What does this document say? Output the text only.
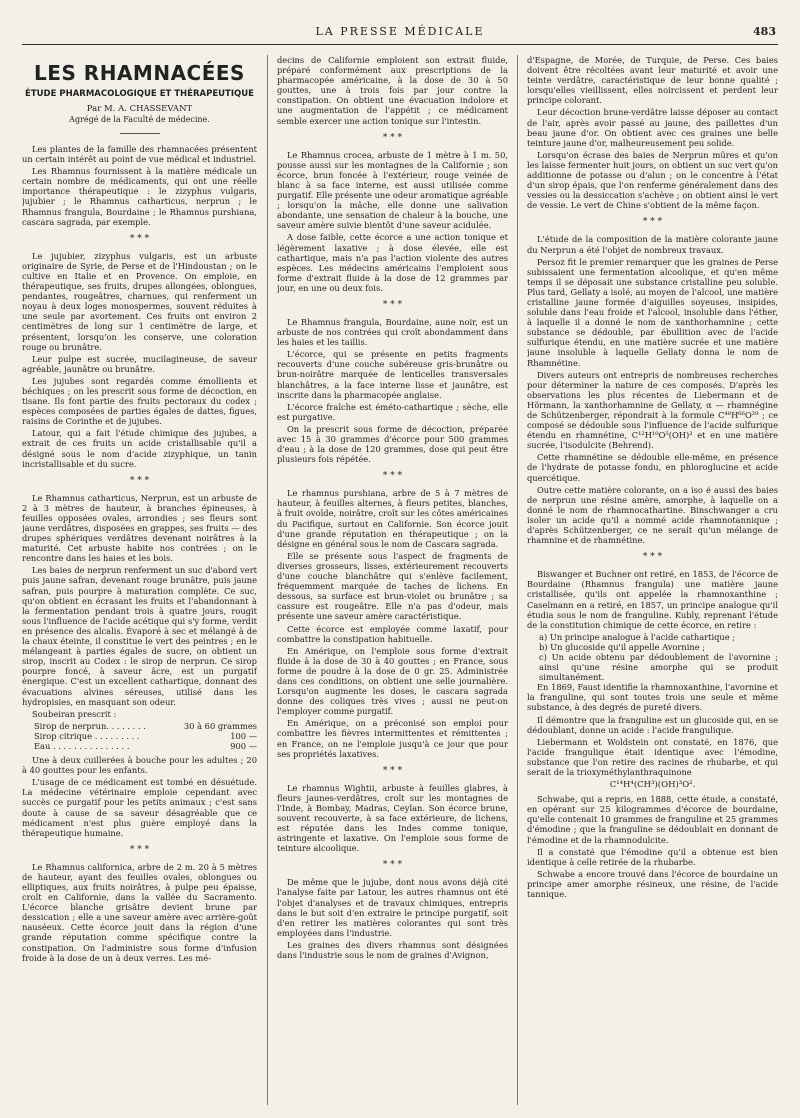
LA PRESSE MÉDICALE	483
LES RHAMNACÉES
ÉTUDE PHARMACOLOGIQUE ET THÉRAPEUTIQUE
Par M. A. CHASSEVANT
Agrégé de la Faculté de médecine.

Les plantes de la famille des rhamnacées présentent un certain intérêt au point de vue médical et industriel.

Les Rhamnus fournissent à la matière médicale un certain nombre de médicaments, qui ont une réelle importance thérapeutique : le zizyphus vulgaris, jujubier ; le Rhamnus catharticus, nerprun ; le Rhamnus frangula, Bourdaine ; le Rhamnus purshiana, cascara sagrada, par exemple.

* * *

Le jujubier, zizyphus vulgaris, est un arbuste originaire de Syrie, de Perse et de l'Hindoustan ; on le cultive en Italie et en Provence. On emploie, en thérapeutique, ses fruits, drupes allongées, oblongues, pendantes, rougeâtres, charnues, qui renferment un noyau à deux loges monospermes, souvent réduites à une seule par avortement. Ces fruits ont environ 2 centimètres de long sur 1 centimètre de large, et présentent, lorsqu'on les conserve, une coloration rouge ou brunâtre.

Leur pulpe est sucrée, mucilagineuse, de saveur agréable, jaunâtre ou brunâtre.

Les jujubes sont regardés comme émollients et béchiques ; on les prescrit sous forme de décoction, en tisane. Ils font partie des fruits pectoraux du codex ; espèces composées de parties égales de dattes, figues, raisins de Corinthe et de jujubes.

Latour, qui a fait l'étude chimique des jujubes, a extrait de ces fruits un acide cristallisable qu'il a désigné sous le nom d'acide zizyphique, un tanin incristallisable et du sucre.

* * *

Le Rhamnus catharticus, Nerprun, est un arbuste de 2 à 3 mètres de hauteur, à branches épineuses, à feuilles opposées ovales, arrondies ; ses fleurs sont jaune verdâtres, disposées en grappes, ses fruits — des drupes sphériques verdâtres devenant noirâtres à la maturité. Cet arbuste habite nos contrées ; on le rencontre dans les haies et les bois.

Les baies de nerprun renferment un suc d'abord vert puis jaune safran, devenant rouge brunâtre, puis jaune safran, puis pourpre à maturation complète. Ce suc, qu'on obtient en écrasant les fruits et l'abandonnant à la fermentation pendant trois à quatre jours, rougit sous l'influence de l'acide acétique qui s'y forme, verdit en présence des alcalis. Évaporé à sec et mélangé à de la chaux éteinte, il constitue le vert des peintres ; en le mélangeant à parties égales de sucre, on obtient un sirop, inscrit au Codex : le sirop de nerprun. Ce sirop pourpre foncé, à saveur âcre, est un purgatif énergique. C'est un excellent cathartique, donnant des évacuations alvines séreuses, utilisé dans les hydropisies, en masquant son odeur.

Soubeiran prescrit :

Sirop de nerprun. . . . . . . .	30 à 60 grammes
Sirop citrique . . . . . . . . .	100 —
Eau . . . . . . . . . . . . . . .	900 —

Une à deux cuillerées à bouche pour les adultes ; 20 à 40 gouttes pour les enfants.

L'usage de ce médicament est tombé en désuétude. La médecine vétérinaire emploie cependant avec succès ce purgatif pour les petits animaux ; c'est sans doute à cause de sa saveur désagréable que ce médicament n'est plus guère employé dans la thérapeutique humaine.

* * *

Le Rhamnus californica, arbre de 2 m. 20 à 5 mètres de hauteur, ayant des feuilles ovales, oblongues ou elliptiques, aux fruits noirâtres, à pulpe peu épaisse, croît en Californie, dans la vallée du Sacramento. L'écorce blanche grisâtre devient brune par dessication ; elle a une saveur amère avec arrière-goût nauséeux. Cette écorce jouit dans la région d'une grande réputation comme spécifique contre la constipation. On l'administre sous forme d'infusion froide à la dose de un à deux verres. Les mé-

decins de Californie emploient son extrait fluide, préparé conformément aux prescriptions de la pharmacopée américaine, à la dose de 30 à 50 gouttes, une à trois fois par jour contre la constipation. On obtient une évacuation indolore et une augmentation de l'appétit ; ce médicament semble exercer une action tonique sur l'intestin.

* * *

Le Rhamnus crocea, arbuste de 1 mètre à 1 m. 50, pousse aussi sur les montagnes de la Californie ; son écorce, brun foncée à l'extérieur, rouge veinée de blanc à sa face interne, est aussi utilisée comme purgatif. Elle présente une odeur aromatique agréable ; lorsqu'on la mâche, elle donne une salivation abondante, une sensation de chaleur à la bouche, une saveur amère suivie bientôt d'une saveur acidulée.

A dose faible, cette écorce a une action tonique et légèrement laxative ; à dose élevée, elle est cathartique, mais n'a pas l'action violente des autres espèces. Les médecins américains l'emploient sous forme d'extrait fluide à la dose de 12 grammes par jour, en une ou deux fois.

* * *

Le Rhamnus frangula, Bourdaine, aune noir, est un arbuste de nos contrées qui croît abondamment dans les haies et les taillis.

L'écorce, qui se présente en petits fragments recouverts d'une couche subéreuse gris-brunâtre ou brun-noirâtre marquée de lenticelles transversales blanchâtres, a la face interne lisse et jaunâtre, est inscrite dans la pharmacopée anglaise.

L'écorce fraîche est éméto-cathartique ; sèche, elle est purgative.

On la prescrit sous forme de décoction, préparée avec 15 à 30 grammes d'écorce pour 500 grammes d'eau ; à la dose de 120 grammes, dose qui peut être plusieurs fois répétée.

* * *

Le rhamnus purshiana, arbre de 5 à 7 mètres de hauteur, à feuilles alternes, à fleurs petites, blanches, à fruit ovoïde, noirâtre, croît sur les côtes américaines du Pacifique, surtout en Californie. Son écorce jouit d'une grande réputation en thérapeutique ; on la désigne en général sous le nom de Cascara sagrada.

Elle se présente sous l'aspect de fragments de diverses grosseurs, lisses, extérieurement recouverts d'une couche blanchâtre qui s'enlève facilement, fréquemment marquée de taches de lichens. En dessous, sa surface est brun-violet ou brunâtre ; sa cassure est rougeâtre. Elle n'a pas d'odeur, mais présente une saveur amère caractéristique.

Cette écorce est employée comme laxatif, pour combattre la constipation habituelle.

En Amérique, on l'emploie sous forme d'extrait fluide à la dose de 30 à 40 gouttes ; en France, sous forme de poudre à la dose de 0 gr. 25. Administrée dans ces conditions, on obtient une selle journalière. Lorsqu'on augmente les doses, le cascara sagrada donne des coliques très vives ; aussi ne peut-on l'employer comme purgatif.

En Amérique, on a préconisé son emploi pour combattre les fièvres intermittentes et rémittentes ; en France, on ne l'emploie jusqu'à ce jour que pour ses propriétés laxatives.

* * *

Le rhamnus Wightii, arbuste à feuilles glabres, à fleurs jaunes-verdâtres, croît sur les montagnes de l'Inde, à Bombay, Madras, Ceylan. Son écorce brune, souvent recouverte, à sa face extérieure, de lichens, est réputée dans les Indes comme tonique, astringente et laxative. On l'emploie sous forme de teinture alcoolique.

* * *

De même que le jujube, dont nous avons déjà cité l'analyse faite par Latour, les autres rhamnus ont été l'objet d'analyses et de travaux chimiques, entrepris dans le but soit d'en extraire le principe purgatif, soit d'en retirer les matières colorantes qui sont très employées dans l'industrie.

Les graines des divers rhamnus sont désignées dans l'industrie sous le nom de graines d'Avignon,

d'Espagne, de Morée, de Turquie, de Perse. Ces baies doivent être récoltées avant leur maturité et avoir une teinte verdâtre, caractéristique de leur bonne qualité ; lorsqu'elles vieillissent, elles noircissent et perdent leur principe colorant.

Leur décoction brune-verdâtre laisse déposer au contact de l'air, après avoir passé au jaune, des paillettes d'un beau jaune d'or. On obtient avec ces graines une belle teinture jaune d'or, malheureusement peu solide.

Lorsqu'on écrase des baies de Nerprun mûres et qu'on les laisse fermenter huit jours, on obtient un suc vert qu'on additionne de potasse ou d'alun ; on le concentre à l'état d'un sirop épais, que l'on renferme généralement dans des vessies ou la dessiccation s'achève ; on obtient ainsi le vert de vessie. Le vert de Chine s'obtient de la même façon.

* * *

L'étude de la composition de la matière colorante jaune du Nerprun a été l'objet de nombreux travaux.

Persoz fit le premier remarquer que les graines de Perse subissaient une fermentation alcoolique, et qu'en même temps il se déposait une substance cristalline peu soluble. Plus tard, Gellaty a isolé, au moyen de l'alcool, une matière cristalline jaune formée d'aiguilles soyeuses, insipides, soluble dans l'eau froide et l'alcool, insoluble dans l'éther, à laquelle il a donné le nom de xanthorhamnine ; cette substance se dédouble, par ébullition avec de l'acide sulfurique étendu, en une matière sucrée et une matière jaune insoluble à laquelle Gellaty donna le nom de Rhamnétine.

Divers auteurs ont entrepris de nombreuses recherches pour déterminer la nature de ces composés. D'après les observations les plus récentes de Liebermann et de Hörmann, la xanthorhamnine de Gellaty, α — rhamnégine de Schützenberger, répondrait à la formule C⁴⁸H⁶⁶O²⁹ ; ce composé se dédouble sous l'influence de l'acide sulfurique étendu en rhamnétine, C¹²H¹⁰O⁵(OH)² et en une matière sucrée, l'isodulcite (Behrend).

Cette rhamnétine se dédouble elle-même, en présence de l'hydrate de potasse fondu, en phloroglucine et acide quercétique.

Outre cette matière colorante, on a iso é aussi des baies de nerprun une résine amère, amorphe, à laquelle on a donné le nom de rhamnocathartine. Binschwanger a cru isoler un acide qu'il a nommé acide rhamnotannique ; d'après Schützenberger, ce ne serait qu'un mélange de rhamnine et de rhamnétine.

* * *

Biswanger et Buchner ont retiré, en 1853, de l'écorce de Bourdaine (Rhamnus frangula) une matière jaune cristallisée, qu'ils ont appelée la rhamnoxanthine ; Caselmann en a retiré, en 1857, un principe analogue qu'il étudia sous le nom de franguline. Kubly, reprenant l'étude de la constitution chimique de cette écorce, en retire :

a) Un principe analogue à l'acide cathartique ;

b) Un glucoside qu'il appelle Avornine ;

c) Un acide obtenu par dédoublement de l'avornine ; ainsi qu'une résine amorphe qui se produit simultanément.

En 1869, Faust identifie la rhamnoxanthine, l'avornine et la franguline, qui sont toutes trois une seule et même substance, à des degrés de pureté divers.

Il démontre que la franguline est un glucoside qui, en se dédoublant, donne un acide : l'acide frangulique.

Liebermann et Woldstein ont constaté, en 1876, que l'acide frangulique était identique avec l'émodine, substance que l'on retire des racines de rhubarbe, et qui serait de la trioxyméthylanthraquinone

C¹⁴H⁴(CH³)(OH)³O².

Schwabe, qui a repris, en 1888, cette étude, a constaté, en opérant sur 25 kilogrammes d'écorce de bourdaine, qu'elle contenait 10 grammes de franguline et 25 grammes d'émodine ; que la franguline se dédoublait en donnant de l'émodine et de la rhamnodulcite.

Il a constaté que l'émodine qu'il a obtenue est bien identique à celle retirée de la rhubarbe.

Schwabe a encore trouvé dans l'écorce de bourdaine un principe amer amorphe résineux, une résine, de l'acide tannique.
